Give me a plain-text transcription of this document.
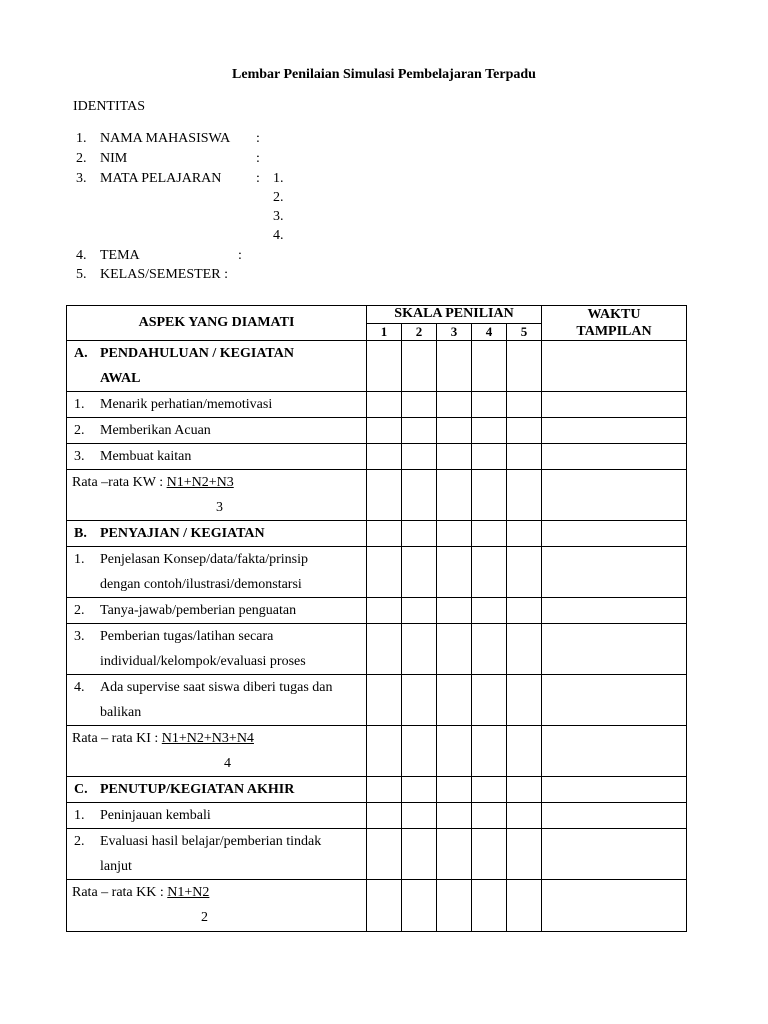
Lembar Penilaian Simulasi Pembelajaran Terpadu
IDENTITAS
1. NAMA MAHASISWA :
2. NIM	:
3. MATA PELAJARAN : 1.
2.
3.
4.
4. TEMA	:
5. KELAS/SEMESTER :
ASPEK YANG DIAMATI	SKALA PENILIAN					WAKTU
TAMPILAN

	1	2	3	4	5	

A. PENDAHULUAN / KEGIATAN
AWAL						

1. Menarik perhatian/memotivasi						

2. Memberikan Acuan						

3. Membuat kaitan						

Rata –rata KW : N1+N2+N3
3						

B. PENYAJIAN / KEGIATAN						

1. Penjelasan Konsep/data/fakta/prinsip
dengan contoh/ilustrasi/demonstarsi						

2. Tanya-jawab/pemberian penguatan						

3. Pemberian tugas/latihan secara
individual/kelompok/evaluasi proses						

4. Ada supervise saat siswa diberi tugas dan
balikan						

Rata – rata KI : N1+N2+N3+N4
4						

C. PENUTUP/KEGIATAN AKHIR						

1. Peninjauan kembali						

2. Evaluasi hasil belajar/pemberian tindak
lanjut						

Rata – rata KK : N1+N2
2						
